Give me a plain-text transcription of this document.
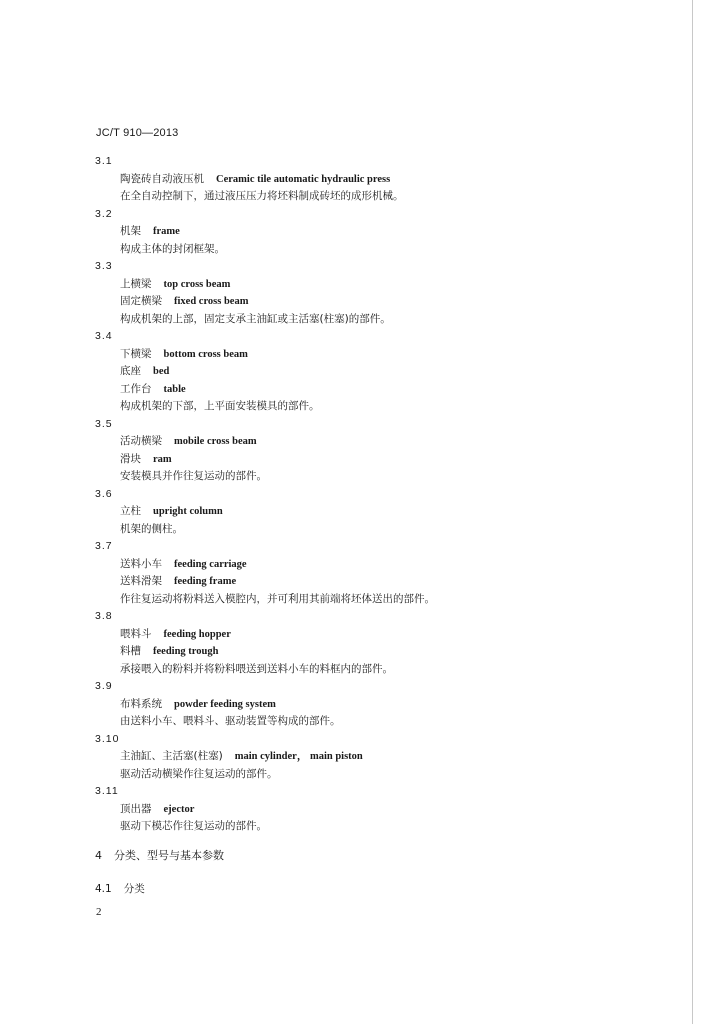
JC/T 910—2013
3.1
陶瓷砖自动液压机 Ceramic tile automatic hydraulic press
在全自动控制下，通过液压压力将坯料制成砖坯的成形机械。
3.2
机架 frame
构成主体的封闭框架。
3.3
上横梁 top cross beam
固定横梁 fixed cross beam
构成机架的上部，固定支承主油缸或主活塞(柱塞)的部件。
3.4
下横梁 bottom cross beam
底座 bed
工作台 table
构成机架的下部，上平面安装模具的部件。
3.5
活动横梁 mobile cross beam
滑块 ram
安装模具并作往复运动的部件。
3.6
立柱 upright column
机架的侧柱。
3.7
送料小车 feeding carriage
送料滑架 feeding frame
作往复运动将粉料送入模腔内，并可利用其前端将坯体送出的部件。
3.8
喂料斗 feeding hopper
料槽 feeding trough
承接喂入的粉料并将粉料喂送到送料小车的料框内的部件。
3.9
布料系统 powder feeding system
由送料小车、喂料斗、驱动装置等构成的部件。
3.10
主油缸、主活塞(柱塞) main cylinder， main piston
驱动活动横梁作往复运动的部件。
3.11
顶出器 ejector
驱动下模芯作往复运动的部件。
4 分类、型号与基本参数
4.1 分类
2
